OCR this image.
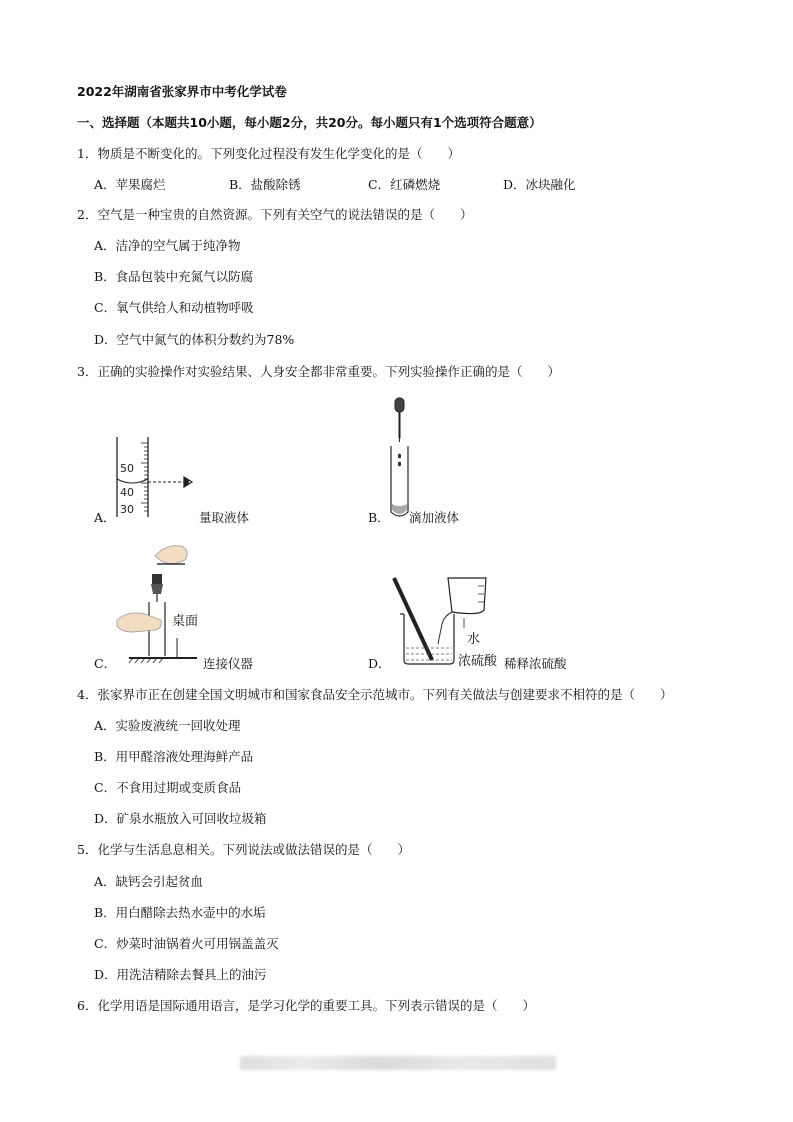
2022年湖南省张家界市中考化学试卷
一、选择题（本题共10小题，每小题2分，共20分。每小题只有1个选项符合题意）
1．物质是不断变化的。下列变化过程没有发生化学变化的是（　　）
A．苹果腐烂	B．盐酸除锈	C．红磷燃烧	D．冰块融化
2．空气是一种宝贵的自然资源。下列有关空气的说法错误的是（　　）
A．洁净的空气属于纯净物
B．食品包装中充氮气以防腐
C．氧气供给人和动植物呼吸
D．空气中氮气的体积分数约为78%
3．正确的实验操作对实验结果、人身安全都非常重要。下列实验操作正确的是（　　）
50
40
30
A．	量取液体	B． 滴加液体
桌面
C．	连接仪器
水
浓硫酸
D．	稀释浓硫酸
4．张家界市正在创建全国文明城市和国家食品安全示范城市。下列有关做法与创建要求不相符的是（　　）
A．实验废液统一回收处理
B．用甲醛溶液处理海鲜产品
C．不食用过期或变质食品
D．矿泉水瓶放入可回收垃圾箱
5．化学与生活息息相关。下列说法或做法错误的是（　　）
A．缺钙会引起贫血
B．用白醋除去热水壶中的水垢
C．炒菜时油锅着火可用锅盖盖灭
D．用洗洁精除去餐具上的油污
6．化学用语是国际通用语言，是学习化学的重要工具。下列表示错误的是（　　）
